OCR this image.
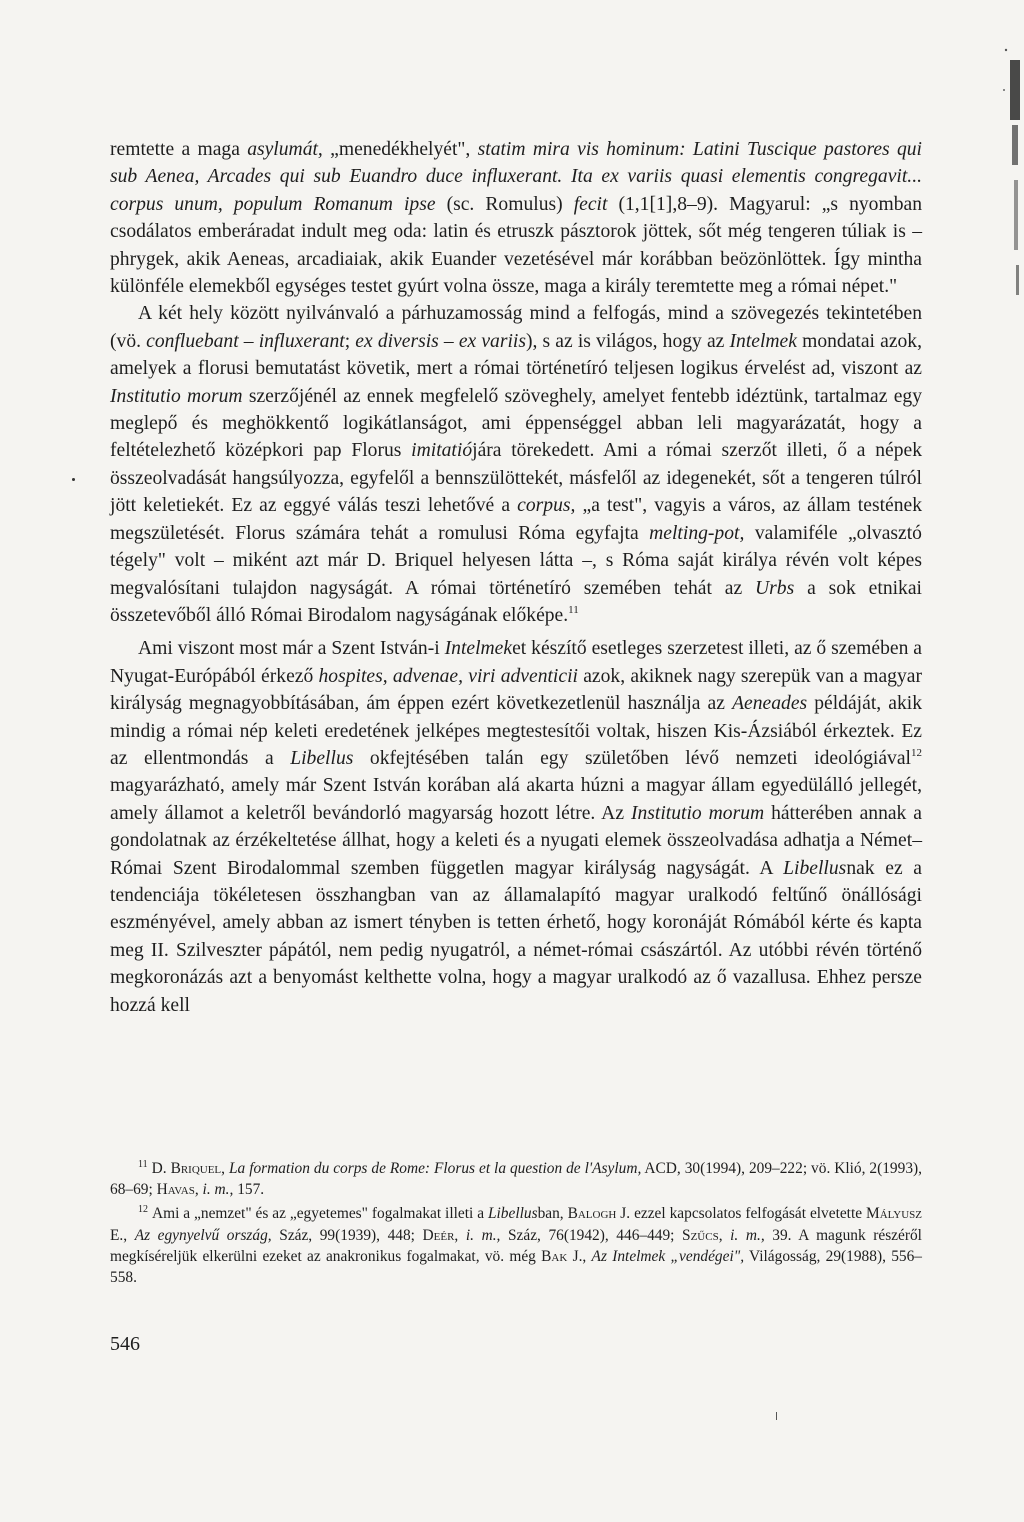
remtette a maga asylumát, „menedékhelyét", statim mira vis hominum: Latini Tuscique pastores qui sub Aenea, Arcades qui sub Euandro duce influxerant. Ita ex variis quasi elementis congregavit... corpus unum, populum Romanum ipse (sc. Romulus) fecit (1,1[1],8–9). Magyarul: „s nyomban csodálatos emberáradat indult meg oda: latin és etruszk pásztorok jöttek, sőt még tengeren túliak is – phrygek, akik Aeneas, arcadiaiak, akik Euander vezetésével már korábban beözönlöttek. Így mintha különféle elemekből egységes testet gyúrt volna össze, maga a király teremtette meg a római népet."

A két hely között nyilvánvaló a párhuzamosság mind a felfogás, mind a szövegezés tekintetében (vö. confluebant – influxerant; ex diversis – ex variis), s az is világos, hogy az Intelmek mondatai azok, amelyek a florusi bemutatást követik, mert a római történetíró teljesen logikus érvelést ad, viszont az Institutio morum szerzőjénél az ennek megfelelő szöveghely, amelyet fentebb idéztünk, tartalmaz egy meglepő és meghökkentő logikátlanságot, ami éppenséggel abban leli magyarázatát, hogy a feltételezhető középkori pap Florus imitatiójára törekedett. Ami a római szerzőt illeti, ő a népek összeolvadását hangsúlyozza, egyfelől a bennszülöttekét, másfelől az idegenekét, sőt a tengeren túlról jött keletiekét. Ez az eggyé válás teszi lehetővé a corpus, „a test", vagyis a város, az állam testének megszületését. Florus számára tehát a romulusi Róma egyfajta melting-pot, valamiféle „olvasztó tégely" volt – miként azt már D. Briquel helyesen látta –, s Róma saját királya révén volt képes megvalósítani tulajdon nagyságát. A római történetíró szemében tehát az Urbs a sok etnikai összetevőből álló Római Birodalom nagyságának előképe.$^{11}$

Ami viszont most már a Szent István-i Intelmeket készítő esetleges szerzetest illeti, az ő szemében a Nyugat-Európából érkező hospites, advenae, viri adventicii azok, akiknek nagy szerepük van a magyar királyság megnagyobbításában, ám éppen ezért következetlenül használja az Aeneades példáját, akik mindig a római nép keleti eredetének jelképes megtestesítői voltak, hiszen Kis-Ázsiából érkeztek. Ez az ellentmondás a Libellus okfejtésében talán egy születőben lévő nemzeti ideológiával$^{12}$ magyarázható, amely már Szent István korában alá akarta húzni a magyar állam egyedülálló jellegét, amely államot a keletről bevándorló magyarság hozott létre. Az Institutio morum hátterében annak a gondolatnak az érzékeltetése állhat, hogy a keleti és a nyugati elemek összeolvadása adhatja a Német–Római Szent Birodalommal szemben független magyar királyság nagyságát. A Libellusnak ez a tendenciája tökéletesen összhangban van az államalapító magyar uralkodó feltűnő önállósági eszményével, amely abban az ismert tényben is tetten érhető, hogy koronáját Rómából kérte és kapta meg II. Szilveszter pápától, nem pedig nyugatról, a német-római császártól. Az utóbbi révén történő megkoronázás azt a benyomást kelthette volna, hogy a magyar uralkodó az ő vazallusa. Ehhez persze hozzá kell

$^{11}$ D. Briquel, La formation du corps de Rome: Florus et la question de l'Asylum, ACD, 30(1994), 209–222; vö. Klió, 2(1993), 68–69; Havas, i. m., 157.

$^{12}$ Ami a „nemzet" és az „egyetemes" fogalmakat illeti a Libellusban, Balogh J. ezzel kapcsolatos felfogását elvetette Mályusz E., Az egynyelvű ország, Száz, 99(1939), 448; Deér, i. m., Száz, 76(1942), 446–449; Szűcs, i. m., 39. A magunk részéről megkíséreljük elkerülni ezeket az anakronikus fogalmakat, vö. még Bak J., Az Intelmek „vendégei", Világosság, 29(1988), 556–558.

546
